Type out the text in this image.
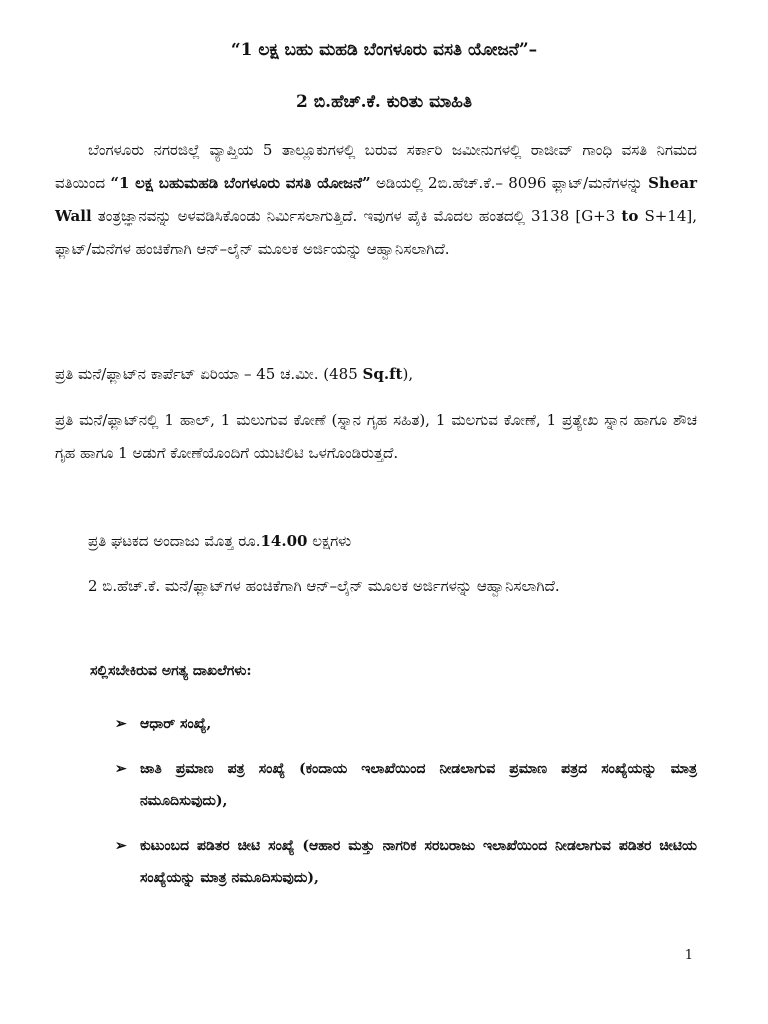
“1 ಲಕ್ಷ ಬಹು ಮಹಡಿ ಬೆಂಗಳೂರು ವಸತಿ ಯೋಜನೆ”–

2 ಬಿ.ಹೆಚ್.ಕೆ. ಕುರಿತು ಮಾಹಿತಿ

ಬೆಂಗಳೂರು ನಗರಜಿಲ್ಲೆ ವ್ಯಾಪ್ತಿಯ 5 ತಾಲ್ಲೂಕುಗಳಲ್ಲಿ ಬರುವ ಸರ್ಕಾರಿ ಜಮೀನುಗಳಲ್ಲಿ ರಾಜೀವ್ ಗಾಂಧಿ ವಸತಿ ನಿಗಮದ ವತಿಯಿಂದ “1 ಲಕ್ಷ ಬಹುಮಹಡಿ ಬೆಂಗಳೂರು ವಸತಿ ಯೋಜನೆ” ಅಡಿಯಲ್ಲಿ 2ಬಿ.ಹೆಚ್.ಕೆ.– 8096 ಫ್ಲಾಟ್/ಮನೆಗಳನ್ನು Shear Wall ತಂತ್ರಜ್ಞಾನವನ್ನು ಅಳವಡಿಸಿಕೊಂಡು ನಿರ್ಮಿಸಲಾಗುತ್ತಿದೆ. ಇವುಗಳ ಪೈಕಿ ಮೊದಲ ಹಂತದಲ್ಲಿ 3138 [G+3 to S+14], ಫ್ಲಾಟ್/ಮನೆಗಳ ಹಂಚಿಕೆಗಾಗಿ ಆನ್–ಲೈನ್ ಮೂಲಕ ಅರ್ಜಿಯನ್ನು ಆಹ್ವಾನಿಸಲಾಗಿದೆ.

ಪ್ರತಿ ಮನೆ/ಫ್ಲಾಟ್‌ನ ಕಾರ್ಪೆಟ್ ಏರಿಯಾ – 45 ಚ.ಮೀ. (485 Sq.ft),

ಪ್ರತಿ ಮನೆ/ಫ್ಲಾಟ್‌ನಲ್ಲಿ 1 ಹಾಲ್, 1 ಮಲುಗುವ ಕೋಣೆ (ಸ್ನಾನ ಗೃಹ ಸಹಿತ), 1 ಮಲಗುವ ಕೋಣೆ, 1 ಪ್ರತ್ಯೇಖ ಸ್ನಾನ ಹಾಗೂ ಶೌಚ ಗೃಹ ಹಾಗೂ 1 ಅಡುಗೆ ಕೋಣೆಯೊಂದಿಗೆ ಯುಟಿಲಿಟಿ ಒಳಗೊಂಡಿರುತ್ತದೆ.

ಪ್ರತಿ ಘಟಕದ ಅಂದಾಜು ಮೊತ್ತ ರೂ.14.00 ಲಕ್ಷಗಳು

2 ಬಿ.ಹೆಚ್.ಕೆ. ಮನೆ/ಫ್ಲಾಟ್‌ಗಳ ಹಂಚಿಕೆಗಾಗಿ ಆನ್–ಲೈನ್ ಮೂಲಕ ಅರ್ಜಿಗಳನ್ನು ಆಹ್ವಾನಿಸಲಾಗಿದೆ.

ಸಲ್ಲಿಸಬೇಕಿರುವ ಅಗತ್ಯ ದಾಖಲೆಗಳು:

➢ ಆಧಾರ್ ಸಂಖ್ಯೆ,
➢ ಜಾತಿ ಪ್ರಮಾಣ ಪತ್ರ ಸಂಖ್ಯೆ (ಕಂದಾಯ ಇಲಾಖೆಯಿಂದ ನೀಡಲಾಗುವ ಪ್ರಮಾಣ ಪತ್ರದ ಸಂಖ್ಯೆಯನ್ನು ಮಾತ್ರ ನಮೂದಿಸುವುದು),
➢ ಕುಟುಂಬದ ಪಡಿತರ ಚೀಟಿ ಸಂಖ್ಯೆ (ಆಹಾರ ಮತ್ತು ನಾಗರಿಕ ಸರಬರಾಜು ಇಲಾಖೆಯಿಂದ ನೀಡಲಾಗುವ ಪಡಿತರ ಚೀಟಿಯ ಸಂಖ್ಯೆಯನ್ನು ಮಾತ್ರ ನಮೂದಿಸುವುದು),
1
